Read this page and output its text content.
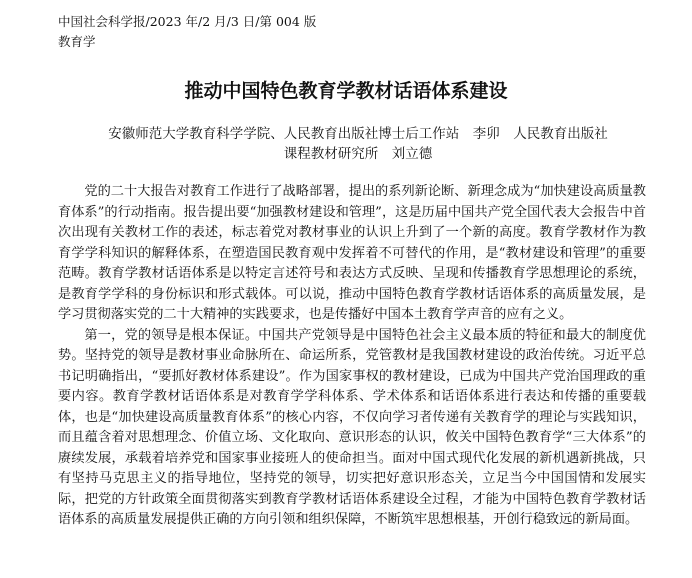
中国社会科学报/2023 年/2 月/3 日/第 004 版
教育学
推动中国特色教育学教材话语体系建设
安徽师范大学教育科学学院、人民教育出版社博士后工作站　李卯　人民教育出版社
课程教材研究所　刘立德

党的二十大报告对教育工作进行了战略部署，提出的系列新论断、新理念成为“加快建设高质量教育体系”的行动指南。报告提出要“加强教材建设和管理”，这是历届中国共产党全国代表大会报告中首次出现有关教材工作的表述，标志着党对教材事业的认识上升到了一个新的高度。教育学教材作为教育学学科知识的解释体系，在塑造国民教育观中发挥着不可替代的作用，是“教材建设和管理”的重要范畴。教育学教材话语体系是以特定言述符号和表达方式反映、呈现和传播教育学思想理论的系统，是教育学学科的身份标识和形式载体。可以说，推动中国特色教育学教材话语体系的高质量发展，是学习贯彻落实党的二十大精神的实践要求，也是传播好中国本土教育学声音的应有之义。

第一，党的领导是根本保证。中国共产党领导是中国特色社会主义最本质的特征和最大的制度优势。坚持党的领导是教材事业命脉所在、命运所系，党管教材是我国教材建设的政治传统。习近平总书记明确指出，“要抓好教材体系建设”。作为国家事权的教材建设，已成为中国共产党治国理政的重要内容。教育学教材话语体系是对教育学学科体系、学术体系和话语体系进行表达和传播的重要载体，也是“加快建设高质量教育体系”的核心内容，不仅向学习者传递有关教育学的理论与实践知识，而且蕴含着对思想理念、价值立场、文化取向、意识形态的认识，攸关中国特色教育学“三大体系”的赓续发展，承载着培养党和国家事业接班人的使命担当。面对中国式现代化发展的新机遇新挑战，只有坚持马克思主义的指导地位，坚持党的领导，切实把好意识形态关，立足当今中国国情和发展实际，把党的方针政策全面贯彻落实到教育学教材话语体系建设全过程，才能为中国特色教育学教材话语体系的高质量发展提供正确的方向引领和组织保障，不断筑牢思想根基，开创行稳致远的新局面。
